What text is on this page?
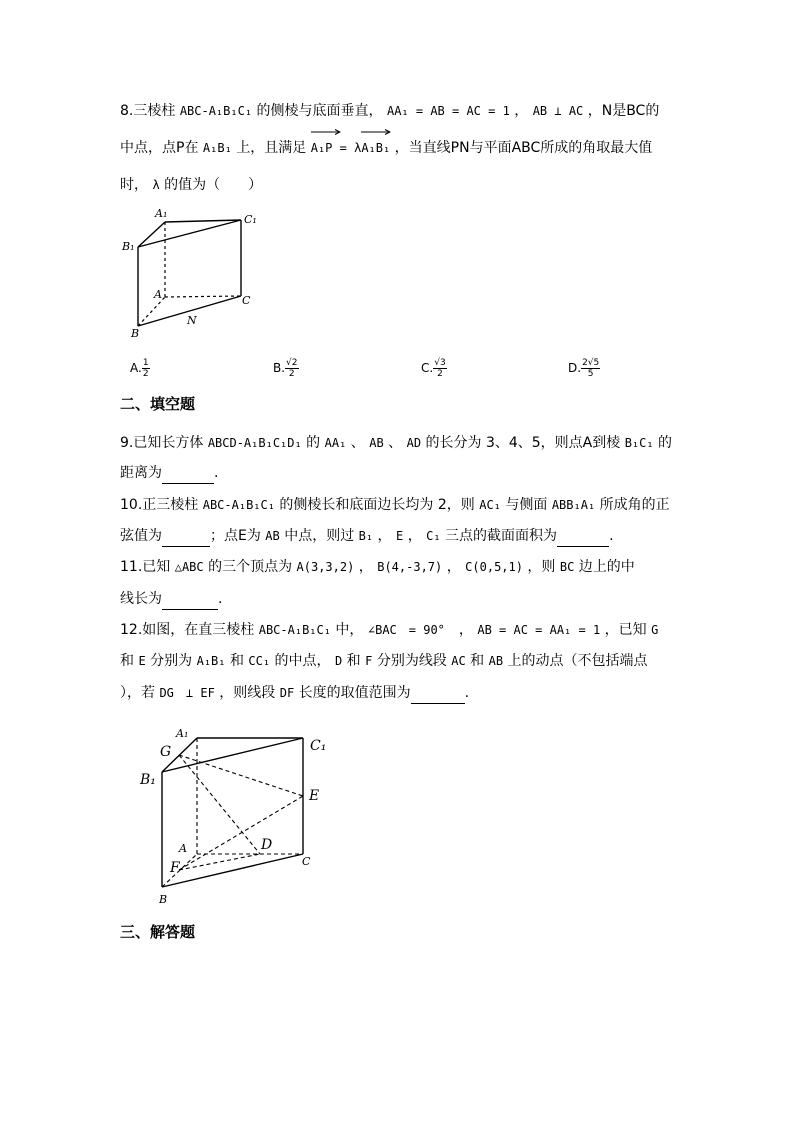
8.三棱柱 ABC-A₁B₁C₁ 的侧棱与底面垂直， AA₁ = AB = AC = 1 ， AB ⊥ AC ，N是BC的
中点，点P在 A₁B₁ 上，且满足
A₁P = λ
A₁B₁ ，当直线PN与平面ABC所成的角取最大值
时， λ 的值为（　　）
A₁	C₁
B₁
A	C
B
N
A. $\frac{1}{2}$	B. $\frac{√2}{2}$	C. $\frac{√3}{2}$	D. $\frac{2√5}{5}$
二、填空题
9.已知长方体 ABCD-A₁B₁C₁D₁ 的 AA₁ 、 AB 、 AD 的长分为 3、4、5，则点A到棱 B₁C₁ 的
距离为	.
10.正三棱柱 ABC-A₁B₁C₁ 的侧棱长和底面边长均为 2，则 AC₁ 与侧面 ABB₁A₁ 所成角的正
弦值为	；点E为 AB 中点，则过 B₁ ， E ， C₁ 三点的截面面积为	.
11.已知 △ABC 的三个顶点为 A(3,3,2) ， B(4,-3,7) ， C(0,5,1) ，则 BC 边上的中
线长为	.
12.如图，在直三棱柱 ABC-A₁B₁C₁ 中， ∠BAC　= 90°　， AB = AC = AA₁ = 1 ，已知 G
和 E 分别为 A₁B₁ 和 CC₁ 的中点， D 和 F 分别为线段 AC 和 AB 上的动点（不包括端点
），若 DG　⊥ EF ，则线段 DF 长度的取值范围为	.
A₁
G	C₁
B₁
E
A	D
F	C
B
三、解答题
